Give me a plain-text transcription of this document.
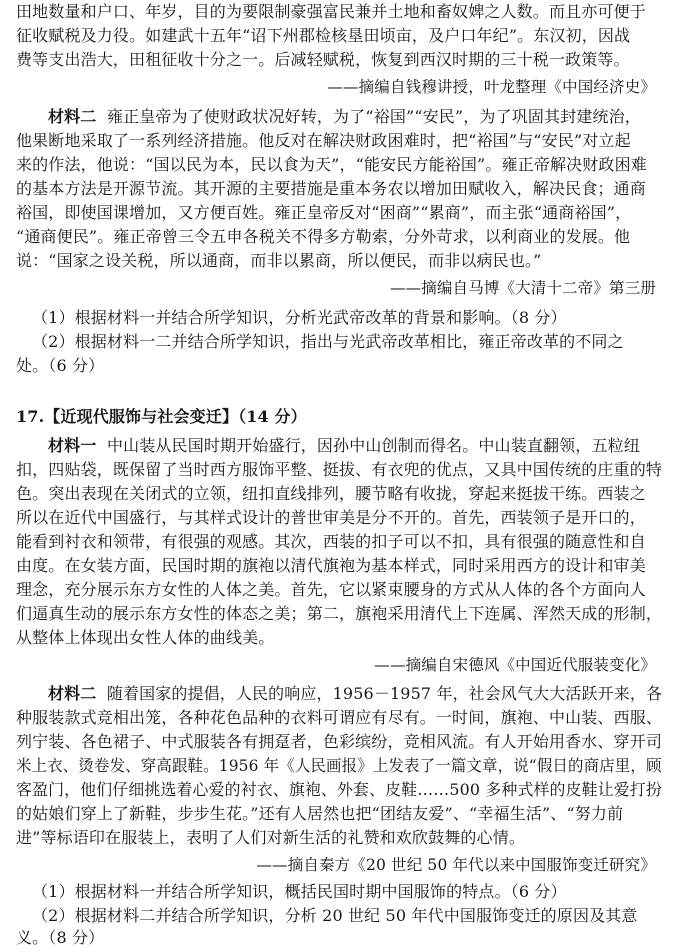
田地数量和户口、年岁，目的为要限制豪强富民兼并土地和畜奴婢之人数。而且亦可便于
征收赋税及力役。如建武十五年“诏下州郡检核垦田顷亩，及户口年纪”。东汉初，因战
费等支出浩大，田租征收十分之一。后减轻赋税，恢复到西汉时期的三十税一政策等。
——摘编自钱穆讲授，叶龙整理《中国经济史》
材料二 雍正皇帝为了使财政状况好转，为了“裕国”“安民”，为了巩固其封建统治，
他果断地采取了一系列经济措施。他反对在解决财政困难时，把“裕国”与“安民”对立起
来的作法，他说：“国以民为本，民以食为天”，“能安民方能裕国”。雍正帝解决财政困难
的基本方法是开源节流。其开源的主要措施是重本务农以增加田赋收入，解决民食；通商
裕国，即使国课增加，又方便百姓。雍正皇帝反对“困商”“累商”，而主张“通商裕国”，
“通商便民”。雍正帝曾三令五申各税关不得多方勒索，分外苛求，以利商业的发展。他
说：“国家之设关税，所以通商，而非以累商，所以便民，而非以病民也。”
——摘编自马博《大清十二帝》第三册
（1）根据材料一并结合所学知识，分析光武帝改革的背景和影响。（8 分）
（2）根据材料一二并结合所学知识，指出与光武帝改革相比，雍正帝改革的不同之
处。（6 分）
17.【近现代服饰与社会变迁】（14 分）
材料一 中山装从民国时期开始盛行，因孙中山创制而得名。中山装直翻领，五粒纽
扣，四贴袋，既保留了当时西方服饰平整、挺拔、有衣兜的优点，又具中国传统的庄重的特
色。突出表现在关闭式的立领，纽扣直线排列，腰节略有收拢，穿起来挺拔干练。西装之
所以在近代中国盛行，与其样式设计的普世审美是分不开的。首先，西装领子是开口的，
能看到衬衣和领带，有很强的观感。其次，西装的扣子可以不扣，具有很强的随意性和自
由度。在女装方面，民国时期的旗袍以清代旗袍为基本样式，同时采用西方的设计和审美
理念，充分展示东方女性的人体之美。首先，它以紧束腰身的方式从人体的各个方面向人
们逼真生动的展示东方女性的体态之美；第二，旗袍采用清代上下连属、浑然天成的形制，
从整体上体现出女性人体的曲线美。
——摘编自宋德风《中国近代服装变化》
材料二 随着国家的提倡，人民的响应，1956－1957 年，社会风气大大活跃开来，各
种服装款式竞相出笼，各种花色品种的衣料可谓应有尽有。一时间，旗袍、中山装、西服、
列宁装、各色裙子、中式服装各有拥趸者，色彩缤纷，竞相风流。有人开始用香水、穿开司
米上衣、烫卷发、穿高跟鞋。1956 年《人民画报》上发表了一篇文章，说“假日的商店里，顾
客盈门，他们仔细挑选着心爱的衬衣、旗袍、外套、皮鞋……500 多种式样的皮鞋让爱打扮
的姑娘们穿上了新鞋，步步生花。”还有人居然也把“团结友爱”、“幸福生活”、“努力前
进”等标语印在服装上，表明了人们对新生活的礼赞和欢欣鼓舞的心情。
——摘自秦方《20 世纪 50 年代以来中国服饰变迁研究》
（1）根据材料一并结合所学知识，概括民国时期中国服饰的特点。（6 分）
（2）根据材料二并结合所学知识，分析 20 世纪 50 年代中国服饰变迁的原因及其意
义。（8 分）
